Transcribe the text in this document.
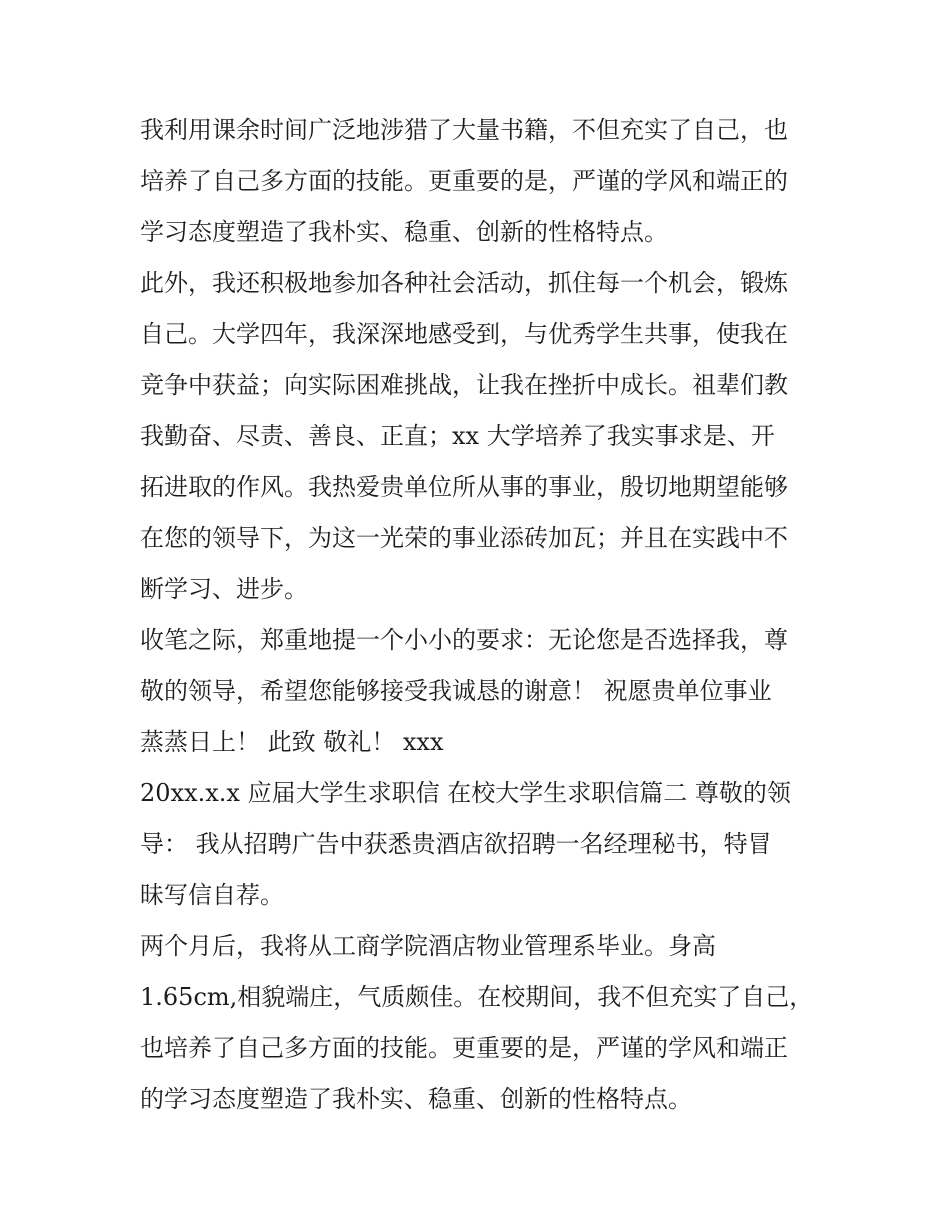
我利用课余时间广泛地涉猎了大量书籍，不但充实了自己，也
培养了自己多方面的技能。更重要的是，严谨的学风和端正的
学习态度塑造了我朴实、稳重、创新的性格特点。
此外，我还积极地参加各种社会活动，抓住每一个机会，锻炼
自己。大学四年，我深深地感受到，与优秀学生共事，使我在
竞争中获益；向实际困难挑战，让我在挫折中成长。祖辈们教
我勤奋、尽责、善良、正直；xx 大学培养了我实事求是、开
拓进取的作风。我热爱贵单位所从事的事业，殷切地期望能够
在您的领导下，为这一光荣的事业添砖加瓦；并且在实践中不
断学习、进步。
收笔之际，郑重地提一个小小的要求：无论您是否选择我，尊
敬的领导，希望您能够接受我诚恳的谢意！ 祝愿贵单位事业
蒸蒸日上！ 此致 敬礼！ xxx
20xx.x.x 应届大学生求职信 在校大学生求职信篇二 尊敬的领
导： 我从招聘广告中获悉贵酒店欲招聘一名经理秘书，特冒
昧写信自荐。
两个月后，我将从工商学院酒店物业管理系毕业。身高
1.65cm,相貌端庄，气质颇佳。在校期间，我不但充实了自己，
也培养了自己多方面的技能。更重要的是，严谨的学风和端正
的学习态度塑造了我朴实、稳重、创新的性格特点。
